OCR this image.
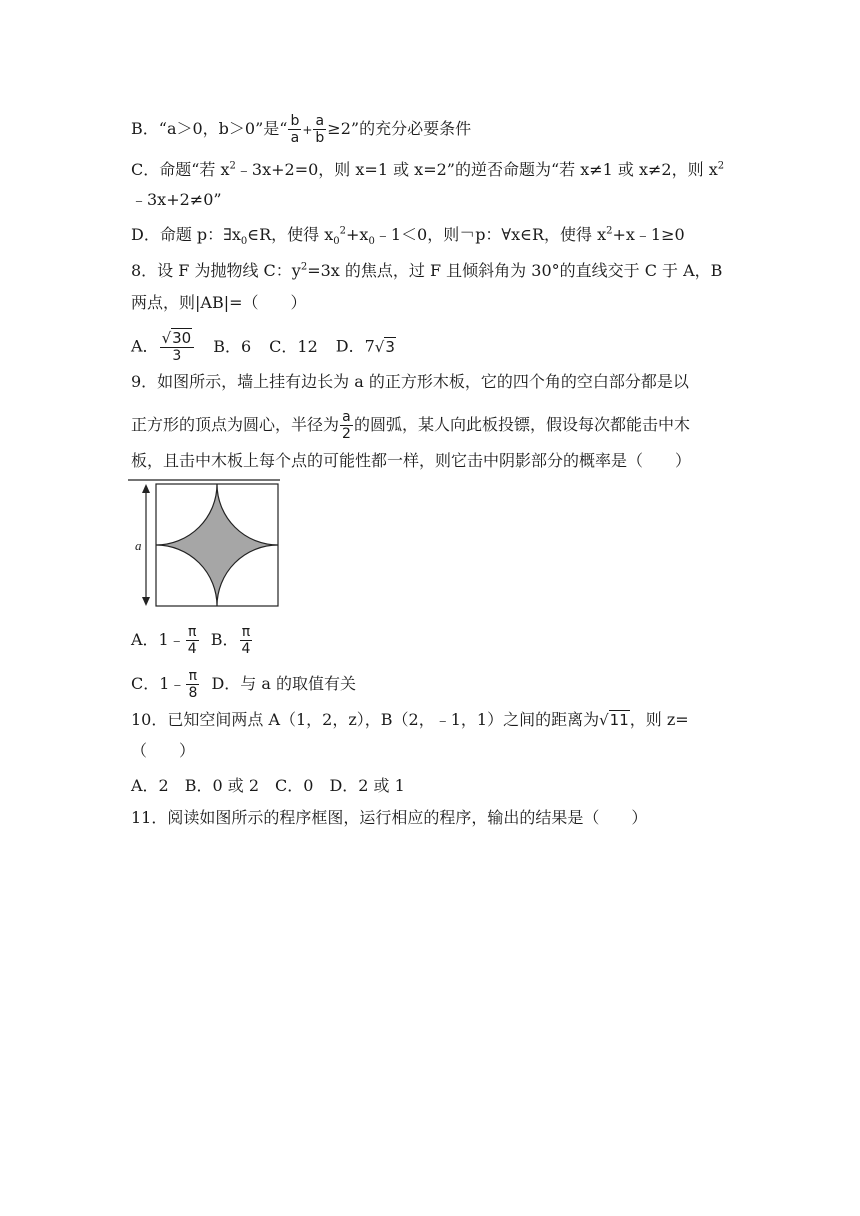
B．“a＞0，b＞0”是“ $\frac{b}{a} + \frac{a}{b} \ge 2$”的充分必要条件
C．命题“若 $x^2﹣3x+2=0$，则 x=1 或 x=2”的逆否命题为“若 x≠1 或 x≠2，则 $x^2$
﹣3x+2≠0”
D．命题 p：$\exists x_0\in R$，使得 $x_0^2+x_0﹣1<0$，则￢p：∀x∈R，使得 $x^2+x﹣1\ge 0$
8．设 F 为抛物线 C：$y^2=3x$ 的焦点，过 F 且倾斜角为 30°的直线交于 C 于 A，B
两点，则|AB|=（　　）
A． $\frac{√30}{3}$ B．6 C．12 D．7√3
9．如图所示，墙上挂有边长为 a 的正方形木板，它的四个角的空白部分都是以
正方形的顶点为圆心，半径为 $\frac{a}{2}$ 的圆弧，某人向此板投镖，假设每次都能击中木
板，且击中木板上每个点的可能性都一样，则它击中阴影部分的概率是（　　）
a
A．1﹣ $\frac{\pi}{4}$ B． $\frac{\pi}{4}$
C．1﹣ $\frac{\pi}{8}$ D．与 a 的取值有关
10．已知空间两点 A（1，2，z），B（2，﹣1，1）之间的距离为√11，则 z=
（　　）
A．2　B．0 或 2　C．0　D．2 或 1
11．阅读如图所示的程序框图，运行相应的程序，输出的结果是（　　）
